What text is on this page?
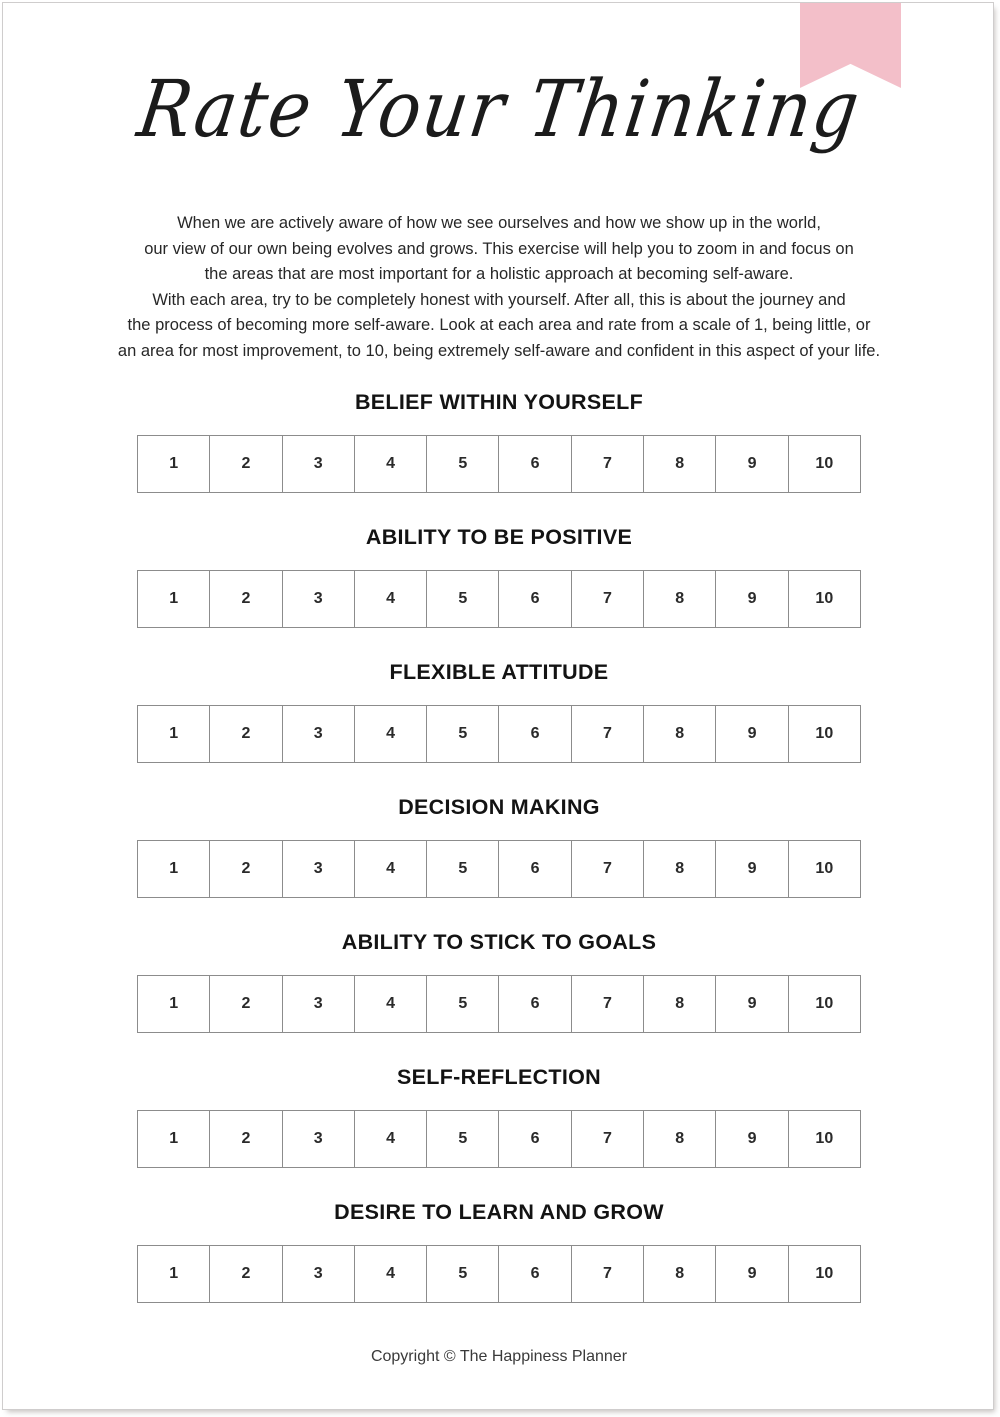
Rate Your Thinking
When we are actively aware of how we see ourselves and how we show up in the world,
our view of our own being evolves and grows. This exercise will help you to zoom in and focus on
the areas that are most important for a holistic approach at becoming self-aware.
With each area, try to be completely honest with yourself. After all, this is about the journey and
the process of becoming more self-aware. Look at each area and rate from a scale of 1, being little, or
an area for most improvement, to 10, being extremely self-aware and confident in this aspect of your life.
BELIEF WITHIN YOURSELF
1	2	3	4	5	6	7	8	9	10
ABILITY TO BE POSITIVE
1	2	3	4	5	6	7	8	9	10
FLEXIBLE ATTITUDE
1	2	3	4	5	6	7	8	9	10
DECISION MAKING
1	2	3	4	5	6	7	8	9	10
ABILITY TO STICK TO GOALS
1	2	3	4	5	6	7	8	9	10
SELF-REFLECTION
1	2	3	4	5	6	7	8	9	10
DESIRE TO LEARN AND GROW
1	2	3	4	5	6	7	8	9	10
Copyright © The Happiness Planner
